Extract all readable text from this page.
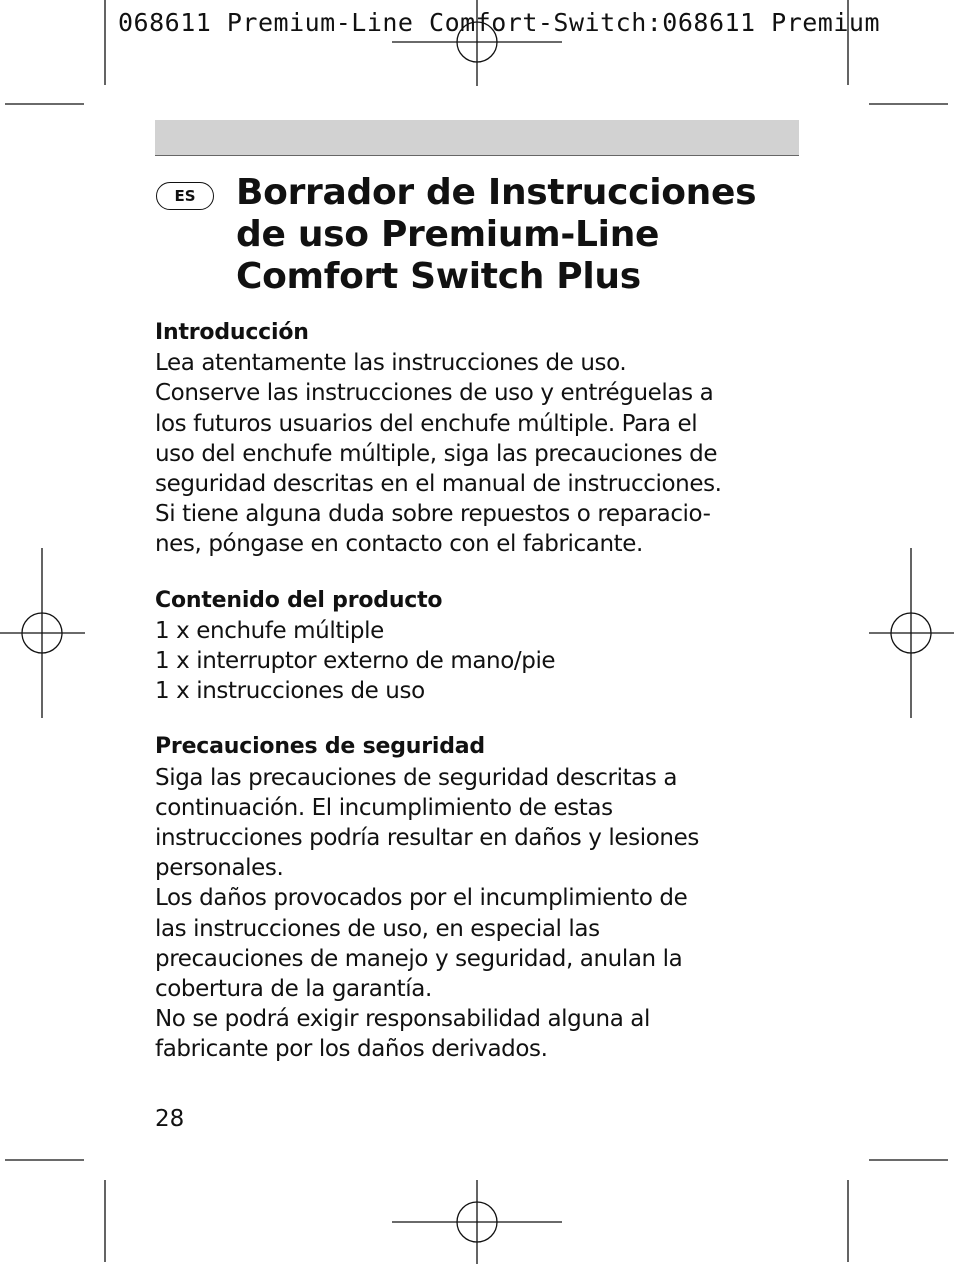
068611 Premium-Line Comfort-Switch:068611 Premium
ES	Borrador de Instrucciones
de uso Premium-Line
Comfort Switch Plus
Introducción

Lea atentamente las instrucciones de uso.
Conserve las instrucciones de uso y entréguelas a
los futuros usuarios del enchufe múltiple. Para el
uso del enchufe múltiple, siga las precauciones de
seguridad descritas en el manual de instrucciones.
Si tiene alguna duda sobre repuestos o reparacio-
nes, póngase en contacto con el fabricante.

Contenido del producto

1 x enchufe múltiple
1 x interruptor externo de mano/pie
1 x instrucciones de uso

Precauciones de seguridad

Siga las precauciones de seguridad descritas a
continuación. El incumplimiento de estas
instrucciones podría resultar en daños y lesiones
personales.
Los daños provocados por el incumplimiento de
las instrucciones de uso, en especial las
precauciones de manejo y seguridad, anulan la
cobertura de la garantía.
No se podrá exigir responsabilidad alguna al
fabricante por los daños derivados.

28
